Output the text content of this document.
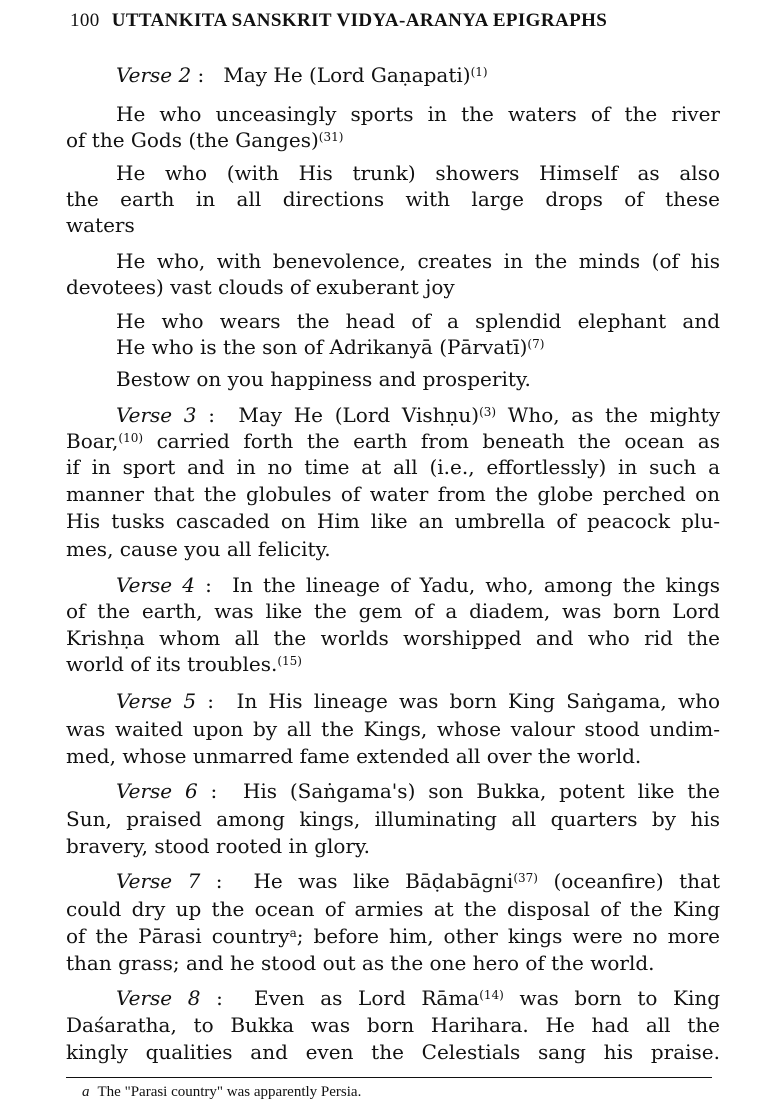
100 UTTANKITA SANSKRIT VIDYA-ARANYA EPIGRAPHS
Verse 2 :   May He (Lord Gaṇapati)$^{(1)}$
He who unceasingly sports in the waters of the river
of the Gods (the Ganges)$^{(31)}$
He who (with His trunk) showers Himself as also
the earth in all directions with large drops of these
waters
He who, with benevolence, creates in the minds (of his
devotees) vast clouds of exuberant joy
He who wears the head of a splendid elephant and
He who is the son of Adrikanyā (Pārvatī)$^{(7)}$
Bestow on you happiness and prosperity.
Verse 3 :  May He (Lord Vishṇu)$^{(3)}$ Who, as the mighty
Boar,$^{(10)}$ carried forth the earth from beneath the ocean as
if in sport and in no time at all (i.e., effortlessly) in such a
manner that the globules of water from the globe perched on
His tusks cascaded on Him like an umbrella of peacock plu-
mes, cause you all felicity.
Verse 4 :  In the lineage of Yadu, who, among the kings
of the earth, was like the gem of a diadem, was born Lord
Krishṇa whom all the worlds worshipped and who rid the
world of its troubles.$^{(15)}$
Verse 5 :  In His lineage was born King Saṅgama, who
was waited upon by all the Kings, whose valour stood undim-
med, whose unmarred fame extended all over the world.
Verse 6 :  His (Saṅgama's) son Bukka, potent like the
Sun, praised among kings, illuminating all quarters by his
bravery, stood rooted in glory.
Verse 7 :  He was like Bāḍabāgni$^{(37)}$ (oceanfire) that
could dry up the ocean of armies at the disposal of the King
of the Pārasi country$^a$; before him, other kings were no more
than grass; and he stood out as the one hero of the world.
Verse 8 :  Even as Lord Rāma$^{(14)}$ was born to King
Daśaratha, to Bukka was born Harihara. He had all the
kingly qualities and even the Celestials sang his praise.
a The "Parasi country" was apparently Persia.
